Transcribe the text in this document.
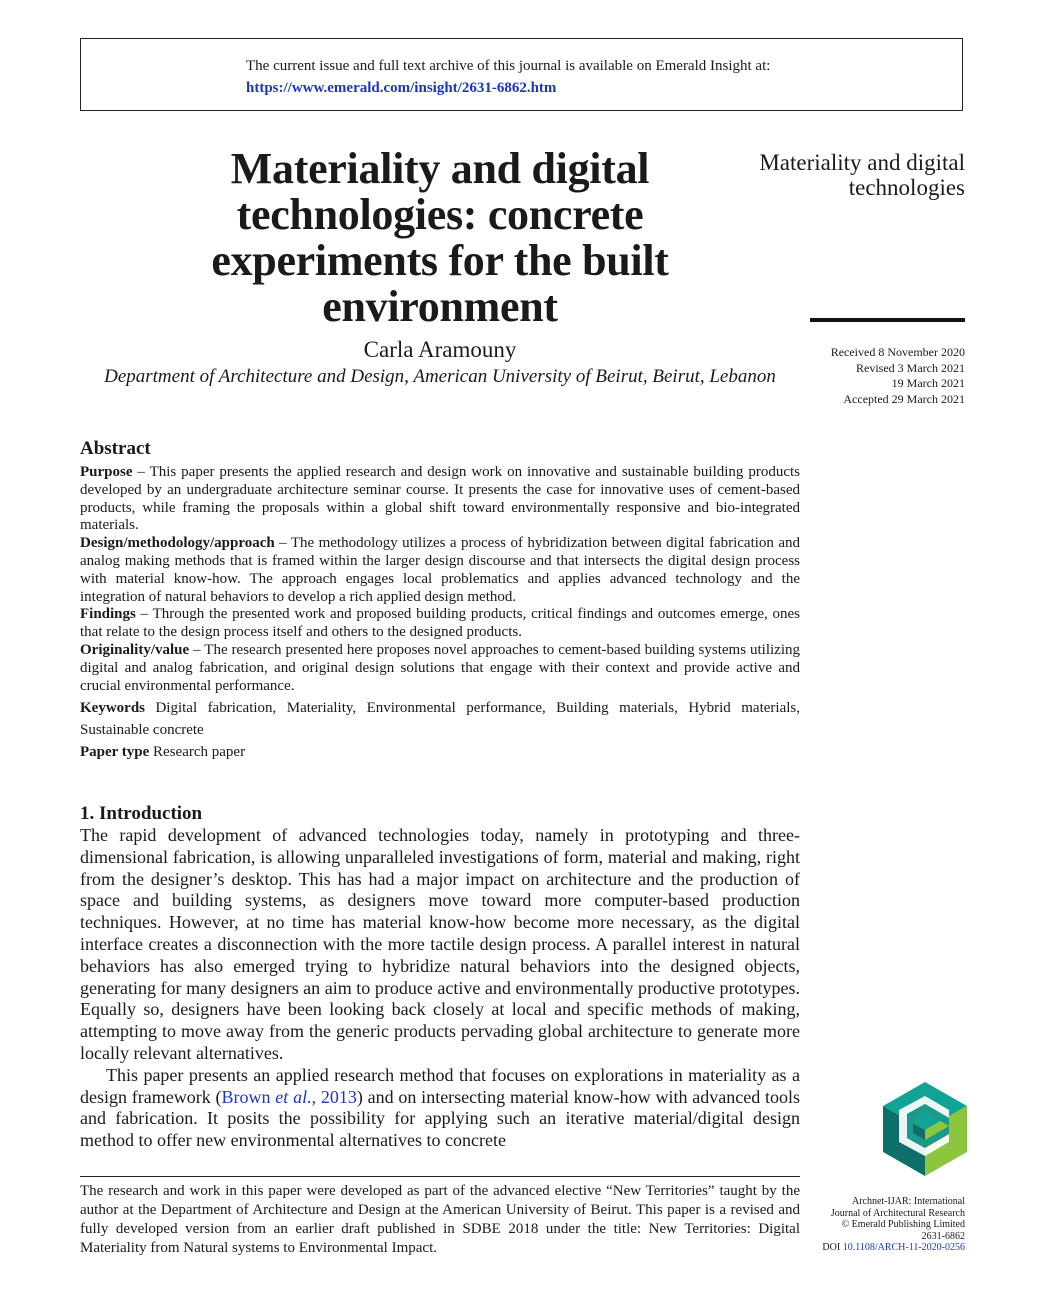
The current issue and full text archive of this journal is available on Emerald Insight at:
https://www.emerald.com/insight/2631-6862.htm
Materiality and digital technologies: concrete experiments for the built environment
Materiality and digital technologies
Received 8 November 2020
Revised 3 March 2021
19 March 2021
Accepted 29 March 2021
Carla Aramouny
Department of Architecture and Design, American University of Beirut, Beirut, Lebanon
Abstract

Purpose – This paper presents the applied research and design work on innovative and sustainable building products developed by an undergraduate architecture seminar course. It presents the case for innovative uses of cement-based products, while framing the proposals within a global shift toward environmentally responsive and bio-integrated materials.

Design/methodology/approach – The methodology utilizes a process of hybridization between digital fabrication and analog making methods that is framed within the larger design discourse and that intersects the digital design process with material know-how. The approach engages local problematics and applies advanced technology and the integration of natural behaviors to develop a rich applied design method.

Findings – Through the presented work and proposed building products, critical findings and outcomes emerge, ones that relate to the design process itself and others to the designed products.

Originality/value – The research presented here proposes novel approaches to cement-based building systems utilizing digital and analog fabrication, and original design solutions that engage with their context and provide active and crucial environmental performance.

Keywords Digital fabrication, Materiality, Environmental performance, Building materials, Hybrid materials, Sustainable concrete

Paper type Research paper

1. Introduction

The rapid development of advanced technologies today, namely in prototyping and three-dimensional fabrication, is allowing unparalleled investigations of form, material and making, right from the designer’s desktop. This has had a major impact on architecture and the production of space and building systems, as designers move toward more computer-based production techniques. However, at no time has material know-how become more necessary, as the digital interface creates a disconnection with the more tactile design process. A parallel interest in natural behaviors has also emerged trying to hybridize natural behaviors into the designed objects, generating for many designers an aim to produce active and environmentally productive prototypes. Equally so, designers have been looking back closely at local and specific methods of making, attempting to move away from the generic products pervading global architecture to generate more locally relevant alternatives.

This paper presents an applied research method that focuses on explorations in materiality as a design framework (Brown et al., 2013) and on intersecting material know-how with advanced tools and fabrication. It posits the possibility for applying such an iterative material/digital design method to offer new environmental alternatives to concrete

The research and work in this paper were developed as part of the advanced elective “New Territories” taught by the author at the Department of Architecture and Design at the American University of Beirut. This paper is a revised and fully developed version from an earlier draft published in SDBE 2018 under the title: New Territories: Digital Materiality from Natural systems to Environmental Impact.

Archnet-IJAR: International
Journal of Architectural Research
© Emerald Publishing Limited
2631-6862
DOI 10.1108/ARCH-11-2020-0256
